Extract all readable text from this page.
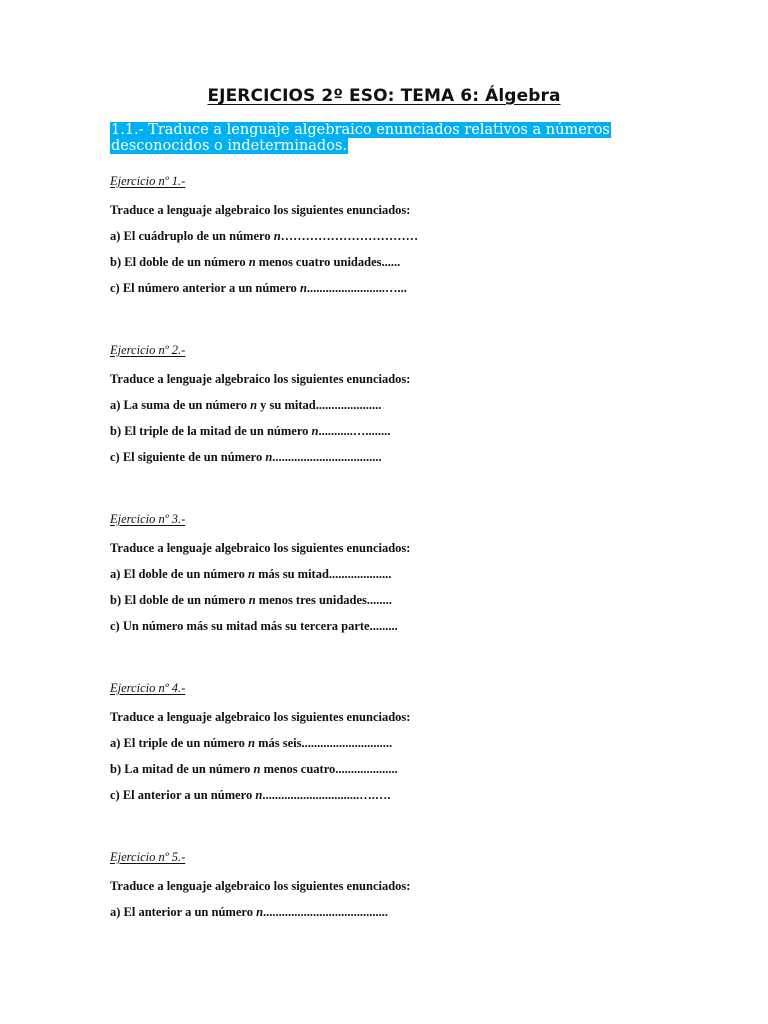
EJERCICIOS 2º ESO: TEMA 6: Álgebra
1.1.- Traduce a lenguaje algebraico enunciados relativos a números desconocidos o indeterminados.
Ejercicio nº 1.-
Traduce a lenguaje algebraico los siguientes enunciados:
a) El cuádruplo de un número n……………………………
b) El doble de un número n menos cuatro unidades......
c) El número anterior a un número n.........................…...
Ejercicio nº 2.-
Traduce a lenguaje algebraico los siguientes enunciados:
a) La suma de un número n y su mitad.....................
b) El triple de la mitad de un número n...........…........
c) El siguiente de un número n...................................
Ejercicio nº 3.-
Traduce a lenguaje algebraico los siguientes enunciados:
a) El doble de un número n más su mitad....................
b) El doble de un número n menos tres unidades........
c) Un número más su mitad más su tercera parte.........
Ejercicio nº 4.-
Traduce a lenguaje algebraico los siguientes enunciados:
a) El triple de un número n más seis.............................
b) La mitad de un número n menos cuatro....................
c) El anterior a un número n...............................….….
Ejercicio nº 5.-
Traduce a lenguaje algebraico los siguientes enunciados:
a) El anterior a un número n........................................
